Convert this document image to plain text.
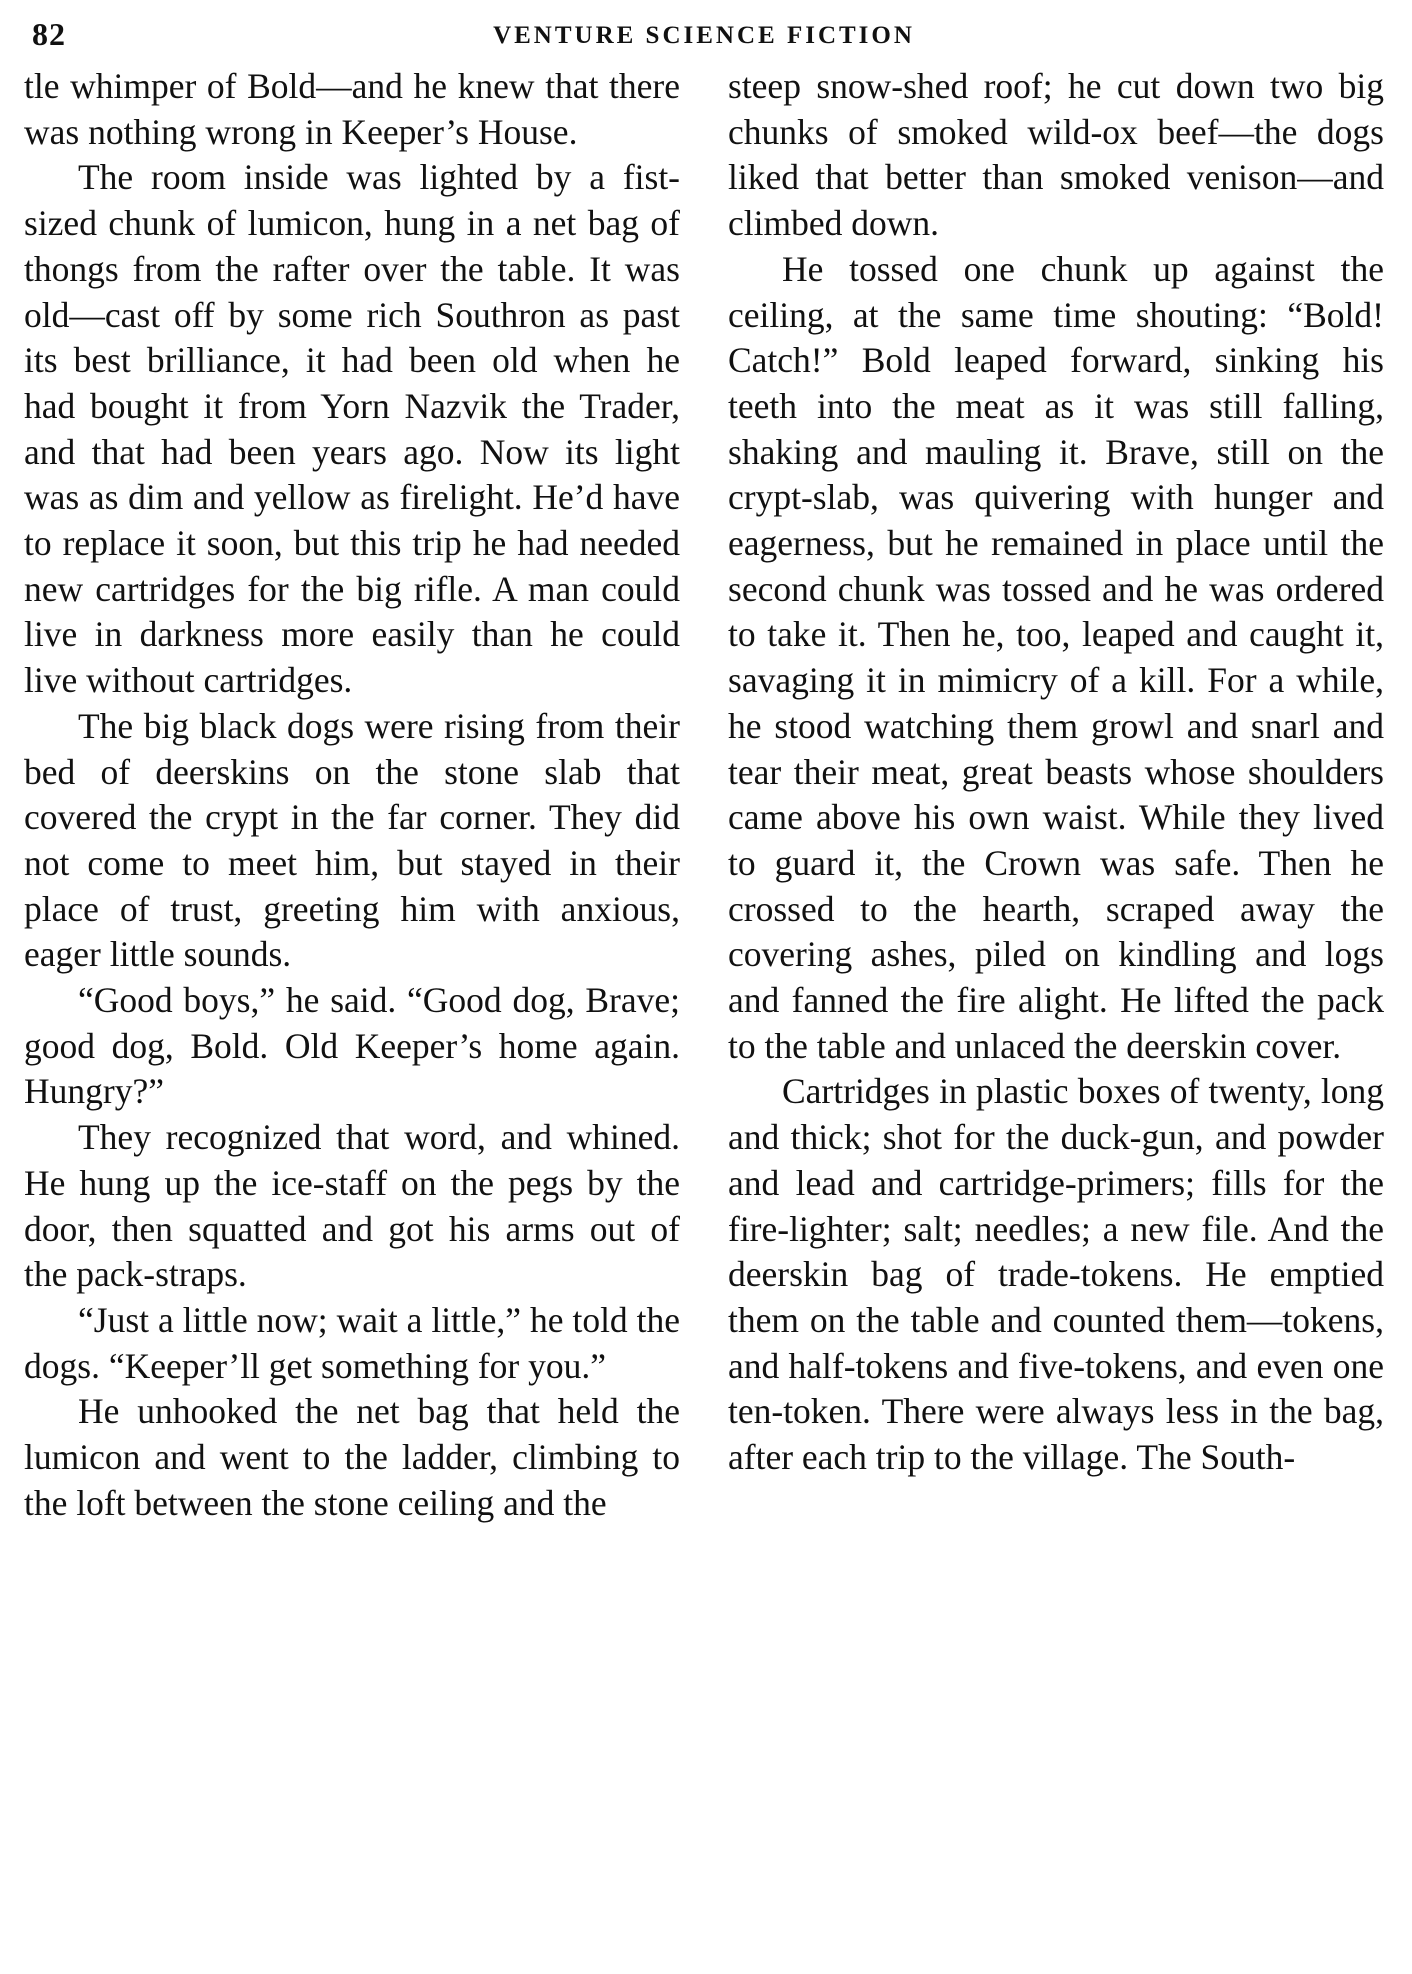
82	VENTURE SCIENCE FICTION

tle whimper of Bold—and he knew that there was nothing wrong in Keeper’s House.

The room inside was lighted by a fist-sized chunk of lumicon, hung in a net bag of thongs from the rafter over the table. It was old—cast off by some rich Southron as past its best brilliance, it had been old when he had bought it from Yorn Nazvik the Trader, and that had been years ago. Now its light was as dim and yellow as firelight. He’d have to replace it soon, but this trip he had needed new cartridges for the big rifle. A man could live in darkness more easily than he could live without cartridges.

The big black dogs were rising from their bed of deerskins on the stone slab that covered the crypt in the far corner. They did not come to meet him, but stayed in their place of trust, greeting him with anxious, eager little sounds.

“Good boys,” he said. “Good dog, Brave; good dog, Bold. Old Keeper’s home again. Hungry?”

They recognized that word, and whined. He hung up the ice-staff on the pegs by the door, then squatted and got his arms out of the pack-straps.

“Just a little now; wait a little,” he told the dogs. “Keeper’ll get something for you.”

He unhooked the net bag that held the lumicon and went to the ladder, climbing to the loft between the stone ceiling and the

steep snow-shed roof; he cut down two big chunks of smoked wild-ox beef—the dogs liked that better than smoked venison—and climbed down.

He tossed one chunk up against the ceiling, at the same time shouting: “Bold! Catch!” Bold leaped forward, sinking his teeth into the meat as it was still falling, shaking and mauling it. Brave, still on the crypt-slab, was quivering with hunger and eagerness, but he remained in place until the second chunk was tossed and he was ordered to take it. Then he, too, leaped and caught it, savaging it in mimicry of a kill. For a while, he stood watching them growl and snarl and tear their meat, great beasts whose shoulders came above his own waist. While they lived to guard it, the Crown was safe. Then he crossed to the hearth, scraped away the covering ashes, piled on kindling and logs and fanned the fire alight. He lifted the pack to the table and unlaced the deerskin cover.

Cartridges in plastic boxes of twenty, long and thick; shot for the duck-gun, and powder and lead and cartridge-primers; fills for the fire-lighter; salt; needles; a new file. And the deerskin bag of trade-tokens. He emptied them on the table and counted them—tokens, and half-tokens and five-tokens, and even one ten-token. There were always less in the bag, after each trip to the village. The South-
